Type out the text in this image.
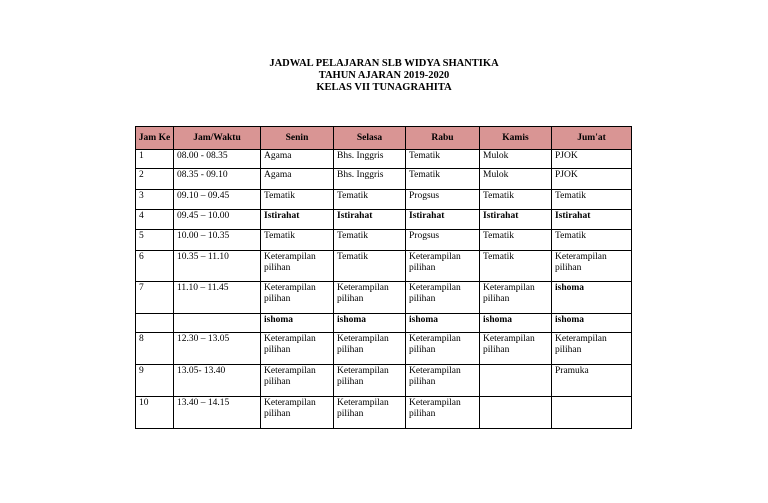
JADWAL PELAJARAN SLB WIDYA SHANTIKA
TAHUN AJARAN 2019-2020
KELAS VII TUNAGRAHITA
Jam Ke	Jam/Waktu	Senin	Selasa	Rabu	Kamis	Jum'at
1	08.00 - 08.35	Agama	Bhs. Inggris	Tematik	Mulok	PJOK
2	08.35 - 09.10	Agama	Bhs. Inggris	Tematik	Mulok	PJOK
3	09.10 – 09.45	Tematik	Tematik	Progsus	Tematik	Tematik
4	09.45 – 10.00	Istirahat	Istirahat	Istirahat	Istirahat	Istirahat
5	10.00 – 10.35	Tematik	Tematik	Progsus	Tematik	Tematik
6	10.35 – 11.10	Keterampilan pilihan	Tematik	Keterampilan pilihan	Tematik	Keterampilan pilihan
7	11.10 – 11.45	Keterampilan pilihan	Keterampilan pilihan	Keterampilan pilihan	Keterampilan pilihan	ishoma
		ishoma	ishoma	ishoma	ishoma	ishoma
8	12.30 – 13.05	Keterampilan pilihan	Keterampilan pilihan	Keterampilan pilihan	Keterampilan pilihan	Keterampilan pilihan
9	13.05- 13.40	Keterampilan pilihan	Keterampilan pilihan	Keterampilan pilihan		Pramuka
10	13.40 – 14.15	Keterampilan pilihan	Keterampilan pilihan	Keterampilan pilihan		
